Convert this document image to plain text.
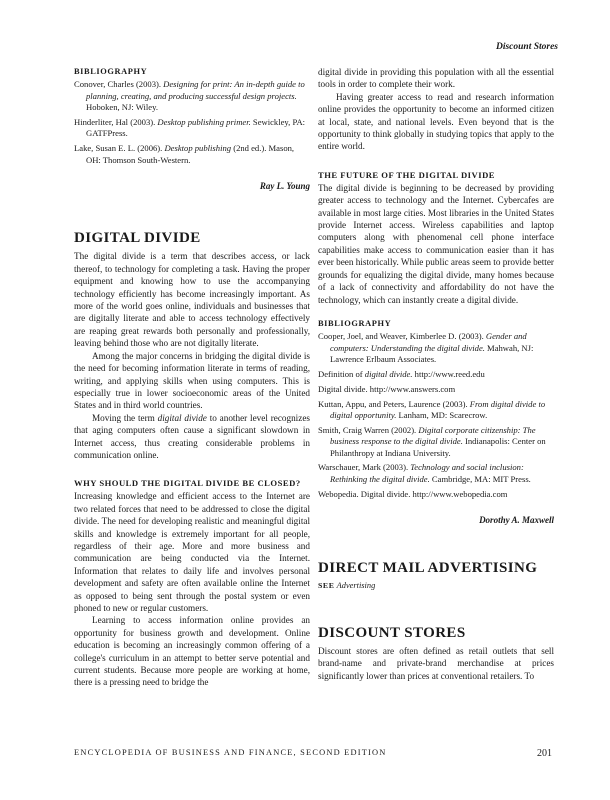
Discount Stores
BIBLIOGRAPHY
Conover, Charles (2003). Designing for print: An in-depth guide to planning, creating, and producing successful design projects. Hoboken, NJ: Wiley.
Hinderliter, Hal (2003). Desktop publishing primer. Sewickley, PA: GATFPress.
Lake, Susan E. L. (2006). Desktop publishing (2nd ed.). Mason, OH: Thomson South-Western.

Ray L. Young

DIGITAL DIVIDE

The digital divide is a term that describes access, or lack thereof, to technology for completing a task. Having the proper equipment and knowing how to use the accompanying technology efficiently has become increasingly important. As more of the world goes online, individuals and businesses that are digitally literate and able to access technology effectively are reaping great rewards both personally and professionally, leaving behind those who are not digitally literate.

Among the major concerns in bridging the digital divide is the need for becoming information literate in terms of reading, writing, and applying skills when using computers. This is especially true in lower socioeconomic areas of the United States and in third world countries.

Moving the term digital divide to another level recognizes that aging computers often cause a significant slowdown in Internet access, thus creating considerable problems in communication online.

WHY SHOULD THE DIGITAL DIVIDE BE CLOSED?

Increasing knowledge and efficient access to the Internet are two related forces that need to be addressed to close the digital divide. The need for developing realistic and meaningful digital skills and knowledge is extremely important for all people, regardless of their age. More and more business and communication are being conducted via the Internet. Information that relates to daily life and involves personal development and safety are often available online the Internet as opposed to being sent through the postal system or even phoned to new or regular customers.

Learning to access information online provides an opportunity for business growth and development. Online education is becoming an increasingly common offering of a college's curriculum in an attempt to better serve potential and current students. Because more people are working at home, there is a pressing need to bridge the

digital divide in providing this population with all the essential tools in order to complete their work.

Having greater access to read and research information online provides the opportunity to become an informed citizen at local, state, and national levels. Even beyond that is the opportunity to think globally in studying topics that apply to the entire world.

THE FUTURE OF THE DIGITAL DIVIDE

The digital divide is beginning to be decreased by providing greater access to technology and the Internet. Cybercafes are available in most large cities. Most libraries in the United States provide Internet access. Wireless capabilities and laptop computers along with phenomenal cell phone interface capabilities make access to communication easier than it has ever been historically. While public areas seem to provide better grounds for equalizing the digital divide, many homes because of a lack of connectivity and affordability do not have the technology, which can instantly create a digital divide.

BIBLIOGRAPHY
Cooper, Joel, and Weaver, Kimberlee D. (2003). Gender and computers: Understanding the digital divide. Mahwah, NJ: Lawrence Erlbaum Associates.
Definition of digital divide. http://www.reed.edu
Digital divide. http://www.answers.com
Kuttan, Appu, and Peters, Laurence (2003). From digital divide to digital opportunity. Lanham, MD: Scarecrow.
Smith, Craig Warren (2002). Digital corporate citizenship: The business response to the digital divide. Indianapolis: Center on Philanthropy at Indiana University.
Warschauer, Mark (2003). Technology and social inclusion: Rethinking the digital divide. Cambridge, MA: MIT Press.
Webopedia. Digital divide. http://www.webopedia.com

Dorothy A. Maxwell

DIRECT MAIL ADVERTISING

SEE Advertising

DISCOUNT STORES

Discount stores are often defined as retail outlets that sell brand-name and private-brand merchandise at prices significantly lower than prices at conventional retailers. To

ENCYCLOPEDIA OF BUSINESS AND FINANCE, SECOND EDITION	201
